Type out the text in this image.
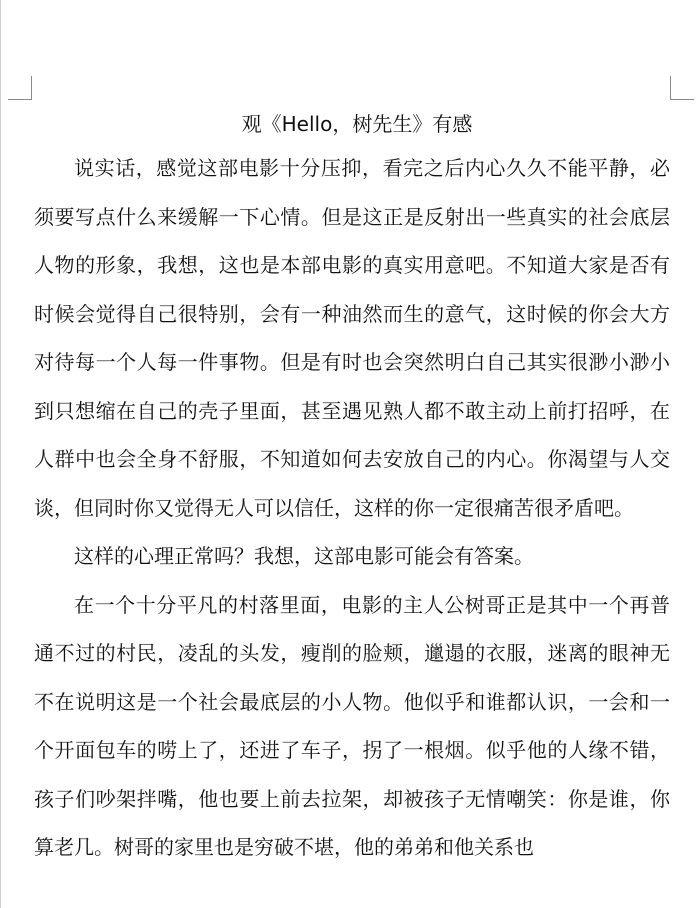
观《Hello，树先生》有感

说实话，感觉这部电影十分压抑，看完之后内心久久不能平静，必须要写点什么来缓解一下心情。但是这正是反射出一些真实的社会底层人物的形象，我想，这也是本部电影的真实用意吧。不知道大家是否有时候会觉得自己很特别，会有一种油然而生的意气，这时候的你会大方对待每一个人每一件事物。但是有时也会突然明白自己其实很渺小渺小到只想缩在自己的壳子里面，甚至遇见熟人都不敢主动上前打招呼，在人群中也会全身不舒服，不知道如何去安放自己的内心。你渴望与人交谈，但同时你又觉得无人可以信任，这样的你一定很痛苦很矛盾吧。

这样的心理正常吗？我想，这部电影可能会有答案。

在一个十分平凡的村落里面，电影的主人公树哥正是其中一个再普通不过的村民，凌乱的头发，瘦削的脸颊，邋遢的衣服，迷离的眼神无不在说明这是一个社会最底层的小人物。他似乎和谁都认识，一会和一个开面包车的唠上了，还进了车子，拐了一根烟。似乎他的人缘不错，孩子们吵架拌嘴，他也要上前去拉架，却被孩子无情嘲笑：你是谁，你算老几。树哥的家里也是穷破不堪，他的弟弟和他关系也
